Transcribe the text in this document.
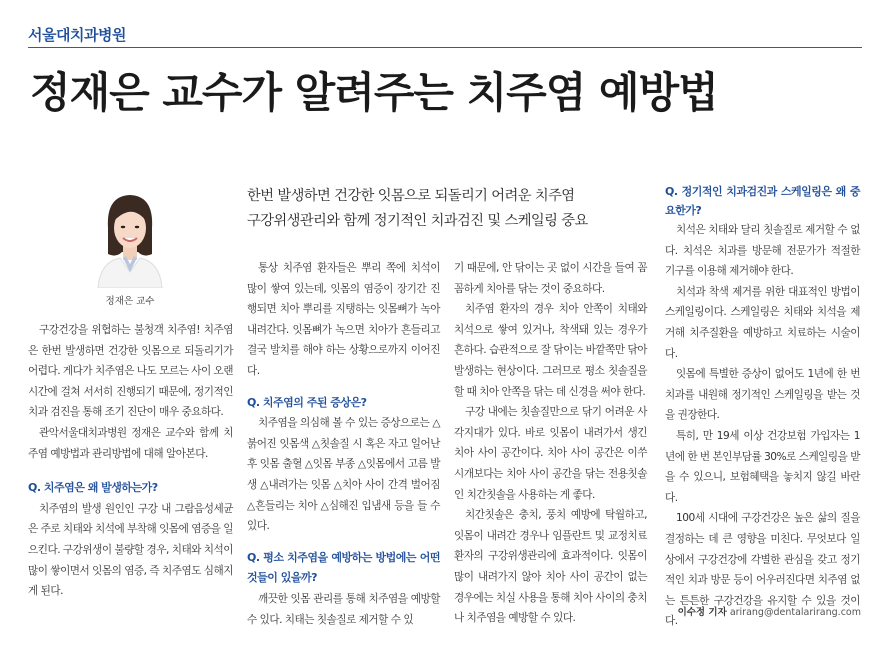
서울대치과병원
정재은 교수가 알려주는 치주염 예방법
정재은 교수
한번 발생하면 건강한 잇몸으로 되돌리기 어려운 치주염
구강위생관리와 함께 정기적인 치과검진 및 스케일링 중요

구강건강을 위협하는 불청객 치주염! 치주염은 한번 발생하면 건강한 잇몸으로 되돌리기가 어렵다. 게다가 치주염은 나도 모르는 사이 오랜 시간에 걸쳐 서서히 진행되기 때문에, 정기적인 치과 검진을 통해 조기 진단이 매우 중요하다.

관악서울대치과병원 정재은 교수와 함께 치주염 예방법과 관리방법에 대해 알아본다.

Q. 치주염은 왜 발생하는가?

치주염의 발생 원인인 구강 내 그람음성세균은 주로 치태와 치석에 부착해 잇몸에 염증을 일으킨다. 구강위생이 불량할 경우, 치태와 치석이 많이 쌓이면서 잇몸의 염증, 즉 치주염도 심해지게 된다.

통상 치주염 환자들은 뿌리 쪽에 치석이 많이 쌓여 있는데, 잇몸의 염증이 장기간 진행되면 치아 뿌리를 지탱하는 잇몸뼈가 녹아 내려간다. 잇몸뼈가 녹으면 치아가 흔들리고 결국 발치를 해야 하는 상황으로까지 이어진다.

Q. 치주염의 주된 증상은?

치주염을 의심해 볼 수 있는 증상으로는 △붉어진 잇몸색 △칫솔질 시 혹은 자고 일어난 후 잇몸 출혈 △잇몸 부종 △잇몸에서 고름 발생 △내려가는 잇몸 △치아 사이 간격 벌어짐 △흔들리는 치아 △심해진 입냄새 등을 들 수 있다.

Q. 평소 치주염을 예방하는 방법에는 어떤 것들이 있을까?

깨끗한 잇몸 관리를 통해 치주염을 예방할 수 있다. 치태는 칫솔질로 제거할 수 있

기 때문에, 안 닦이는 곳 없이 시간을 들여 꼼꼼하게 치아를 닦는 것이 중요하다.

치주염 환자의 경우 치아 안쪽이 치태와 치석으로 쌓여 있거나, 착색돼 있는 경우가 흔하다. 습관적으로 잘 닦이는 바깥쪽만 닦아 발생하는 현상이다. 그러므로 평소 칫솔질을 할 때 치아 안쪽을 닦는 데 신경을 써야 한다.

구강 내에는 칫솔질만으로 닦기 어려운 사각지대가 있다. 바로 잇몸이 내려가서 생긴 치아 사이 공간이다. 치아 사이 공간은 이쑤시개보다는 치아 사이 공간을 닦는 전용칫솔인 치간칫솔을 사용하는 게 좋다.

치간칫솔은 충치, 풍치 예방에 탁월하고, 잇몸이 내려간 경우나 임플란트 및 교정치료 환자의 구강위생관리에 효과적이다. 잇몸이 많이 내려가지 않아 치아 사이 공간이 없는 경우에는 치실 사용을 통해 치아 사이의 충치나 치주염을 예방할 수 있다.

Q. 정기적인 치과검진과 스케일링은 왜 중요한가?

치석은 치태와 달리 칫솔질로 제거할 수 없다. 치석은 치과를 방문해 전문가가 적절한 기구를 이용해 제거해야 한다.

치석과 착색 제거를 위한 대표적인 방법이 스케일링이다. 스케일링은 치태와 치석을 제거해 치주질환을 예방하고 치료하는 시술이다.

잇몸에 특별한 증상이 없어도 1년에 한 번 치과를 내원해 정기적인 스케일링을 받는 것을 권장한다.

특히, 만 19세 이상 건강보험 가입자는 1년에 한 번 본인부담률 30%로 스케일링을 받을 수 있으니, 보험혜택을 놓치지 않길 바란다.

100세 시대에 구강건강은 높은 삶의 질을 결정하는 데 큰 영향을 미친다. 무엇보다 일상에서 구강건강에 각별한 관심을 갖고 정기적인 치과 방문 등이 어우러진다면 치주염 없는 튼튼한 구강건강을 유지할 수 있을 것이다.

이수정 기자 arirang@dentalarirang.com
